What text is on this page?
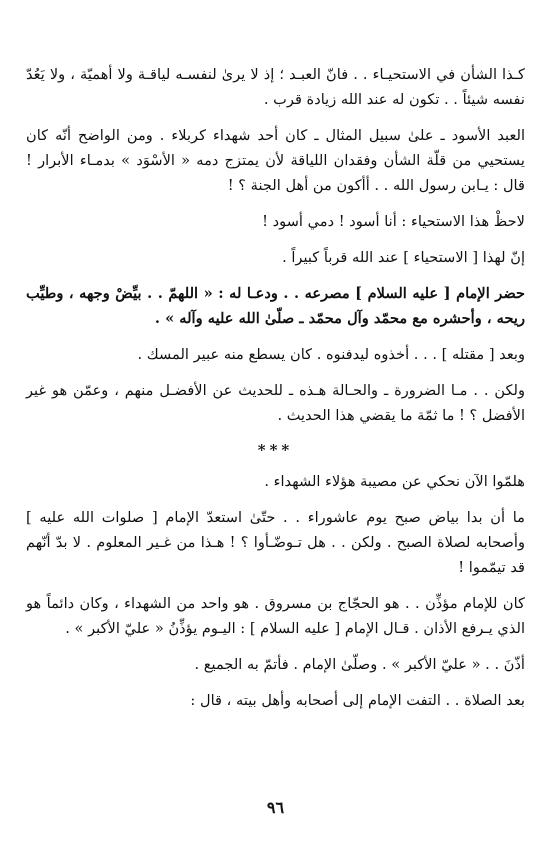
كـذا الشأن في الاستحيـاء . . فانّ العبـد ؛ إذ لا يرىٰ لنفسـه لياقـة ولا أهميّة ، ولا يَعُدّ نفسه شيئاً . . تكون له عند الله زيادة قرب .

العبد الأسود ـ علىٰ سبيل المثال ـ كان أحد شهداء كربلاء . ومن الواضح أنّه كان يستحيي من قلّة الشأن وفقدان اللياقة لأن يمتزج دمه « الأسْوَد » بدمـاء الأبرار ! قال : يـابن رسول الله . . أأكون من أهل الجنة ؟ !

لاحظْ هذا الاستحياء : أنا أسود ! دمي أسود !

إنّ لهذا [ الاستحياء ] عند الله قرباً كبيراً .

حضر الإمام [ عليه السلام ] مصرعه . . ودعـا له : « اللهمّ . . بيِّضْ وجهه ، وطيِّب ريحه ، وأحشره مع محمّد وآل محمّد ـ صلّىٰ الله عليه وآله » .

وبعد [ مقتله ] . . . أخذوه ليدفنوه . كان يسطع منه عبير المسك .

ولكن . . مـا الضرورة ـ والحـالة هـذه ـ للحديث عن الأفضـل منهم ، وعمّن هو غير الأفضل ؟ ! ما ثمّة ما يقضي هذا الحديث .

***

هلمّوا الآن نحكي عن مصيبة هؤلاء الشهداء .

ما أن بدا بياض صبح يوم عاشوراء . . حتّىٰ استعدّ الإمام [ صلوات الله عليه ] وأصحابه لصلاة الصبح . ولكن . . هل تـوضّـأوا ؟ ! هـذا من غـير المعلوم . لا بدّ أنّهم قد تيمّموا !

كان للإمام مؤذِّن . . هو الحجّاج بن مسروق . هو واحد من الشهداء ، وكان دائماً هو الذي يـرفع الأذان . قـال الإمام [ عليه السلام ] : اليـوم يؤذِّنُ « عليّ الأكبر » .

أذّنَ . . « عليّ الأكبر » . وصلّىٰ الإمام . فأتمّ به الجميع .

بعد الصلاة . . التفت الإمام إلى أصحابه وأهل بيته ، قال :

٩٦
